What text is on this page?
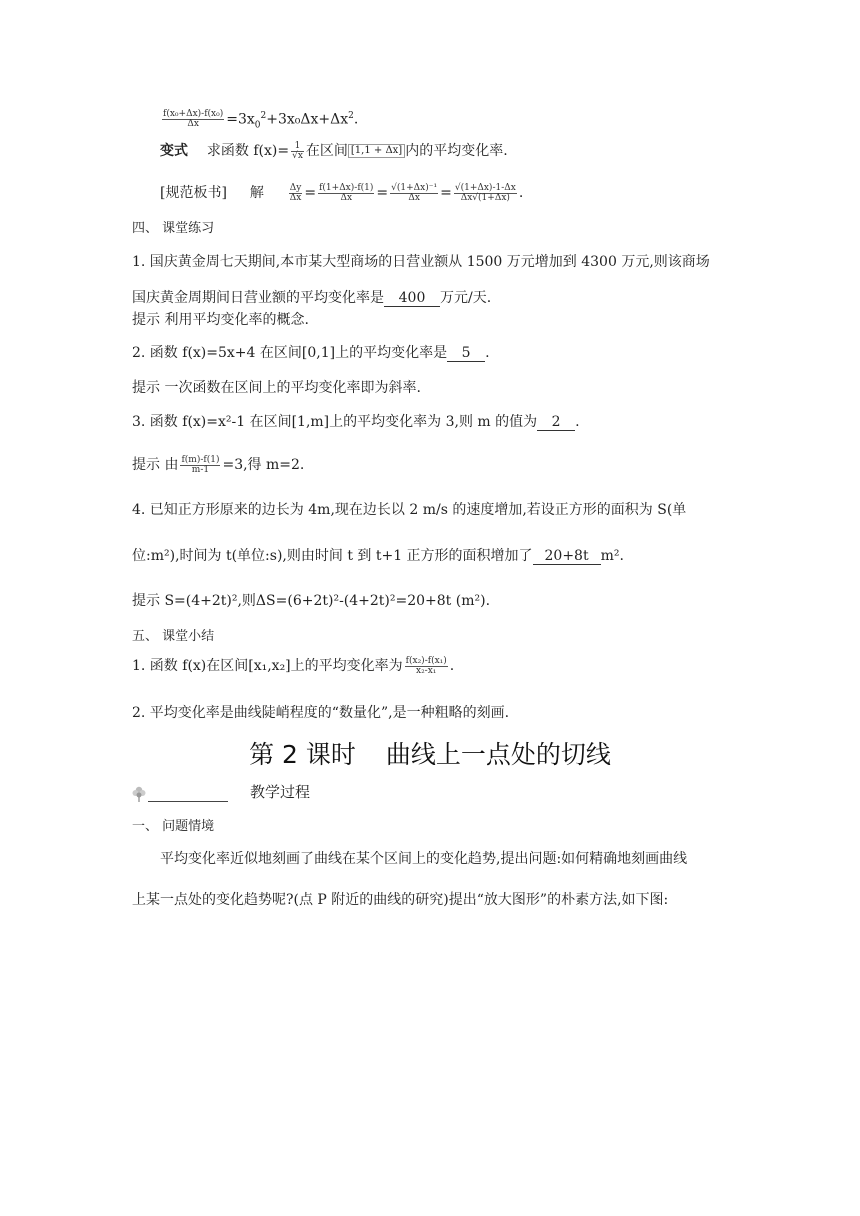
$\frac{\text{f(x₀+Δx)-f(x₀)}}{\Delta x} =3x_0^2+3x_0\Delta x+\Delta x^2$.
变式 求函数 $f(x)= \frac{1}{√x}$ 在区间 [1,1 + Δx] 内的平均变化率.
[规范板书] 解	$\frac{\Delta y}{\Delta x} = \frac{f(1+\Delta x)-f(1)}{\Delta x} = \frac{\text{√(1+Δx)⁻¹}}{\Delta x} = \frac{√(1+\Delta x)-1-\Delta x}{\Delta x√(1+\Delta x)}$ .
四、 课堂练习
1. 国庆黄金周七天期间,本市某大型商场的日营业额从 1500 万元增加到 4300 万元,则该商场
国庆黄金周期间日营业额的平均变化率是 400 万元/天.
提示 利用平均变化率的概念.
2. 函数 f(x)=5x+4 在区间[0,1]上的平均变化率是 5 .
提示 一次函数在区间上的平均变化率即为斜率.
3. 函数 f(x)=x²-1 在区间[1,m]上的平均变化率为 3,则 m 的值为 2 .
提示 由 $\frac{f(m)-f(1)}{m-1} =3$,得 m=2.
4. 已知正方形原来的边长为 4m,现在边长以 2 m/s 的速度增加,若设正方形的面积为 S(单
位:m²),时间为 t(单位:s),则由时间 t 到 t+1 正方形的面积增加了 20+8t m².
提示 S=(4+2t)²,则ΔS=(6+2t)²-(4+2t)²=20+8t (m²).
五、 课堂小结
1. 函数 f(x)在区间[x₁,x₂]上的平均变化率为 $\frac{\text{f(x₂)-f(x₁)}}{\text{x₂-x₁}}$ .
2. 平均变化率是曲线陡峭程度的“数量化”,是一种粗略的刻画.
第 2 课时 曲线上一点处的切线
教学过程
一、 问题情境
平均变化率近似地刻画了曲线在某个区间上的变化趋势,提出问题:如何精确地刻画曲线
上某一点处的变化趋势呢?(点 P 附近的曲线的研究)提出“放大图形”的朴素方法,如下图:
